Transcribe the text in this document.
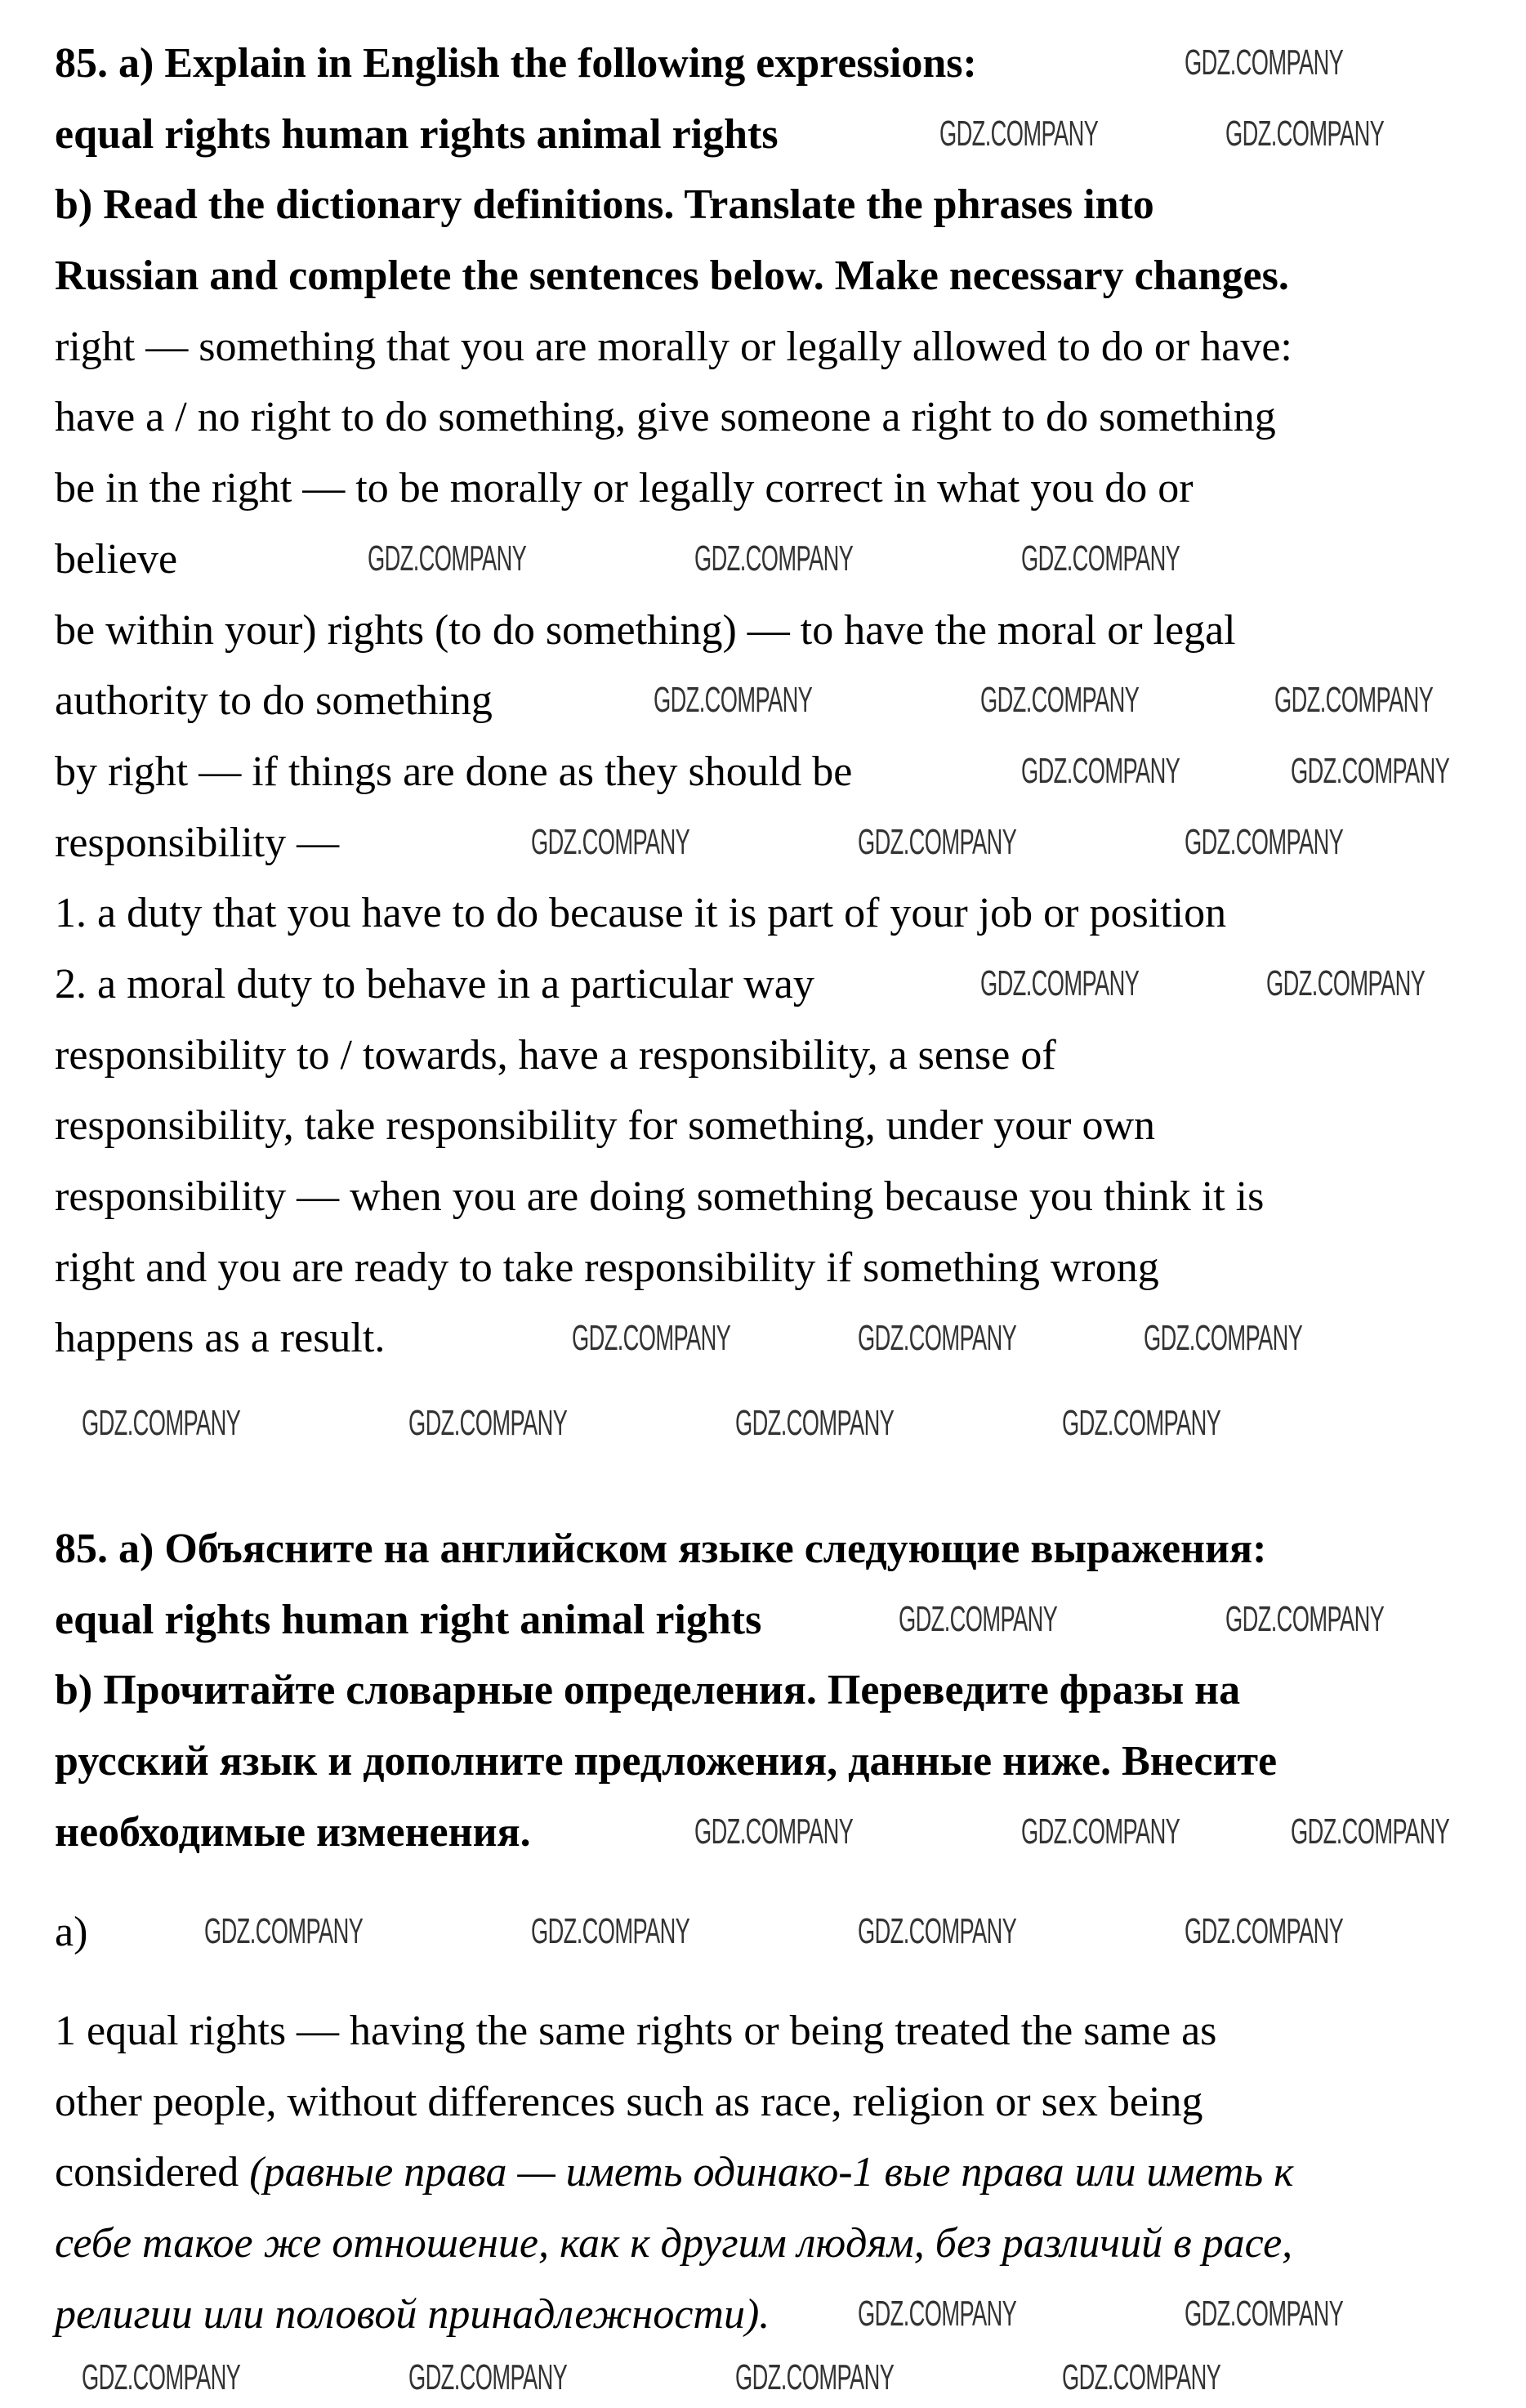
85. a) Explain in English the following expressions:
equal rights human rights animal rights
b) Read the dictionary definitions. Translate the phrases into
Russian and complete the sentences below. Make necessary changes.
right — something that you are morally or legally allowed to do or have:
have a / no right to do something, give someone a right to do something
be in the right — to be morally or legally correct in what you do or
believe
be within your) rights (to do something) — to have the moral or legal
authority to do something
by right — if things are done as they should be
responsibility —
1. a duty that you have to do because it is part of your job or position
2. a moral duty to behave in a particular way
responsibility to / towards, have a responsibility, a sense of
responsibility, take responsibility for something, under your own
responsibility — when you are doing something because you think it is
right and you are ready to take responsibility if something wrong
happens as a result.
85. a) Объясните на английском языке следующие выражения:
equal rights human right animal rights
b) Прочитайте словарные определения. Переведите фразы на
русский язык и дополните предложения, данные ниже. Внесите
необходимые изменения.
a)
1 equal rights — having the same rights or being treated the same as
other people, without differences such as race, religion or sex being
considered (равные права — иметь одинако-1 вые права или иметь к
себе такое же отношение, как к другим людям, без различий в расе,
религии или половой принадлежности).
GDZ.COMPANY
GDZ.COMPANY	GDZ.COMPANY
GDZ.COMPANY	GDZ.COMPANY	GDZ.COMPANY
GDZ.COMPANY	GDZ.COMPANY	GDZ.COMPANY
GDZ.COMPANY	GDZ.COMPANY
GDZ.COMPANY	GDZ.COMPANY	GDZ.COMPANY
GDZ.COMPANY	GDZ.COMPANY
GDZ.COMPANY	GDZ.COMPANY	GDZ.COMPANY
GDZ.COMPANY	GDZ.COMPANY	GDZ.COMPANY	GDZ.COMPANY
GDZ.COMPANY	GDZ.COMPANY
GDZ.COMPANY	GDZ.COMPANY	GDZ.COMPANY
GDZ.COMPANY	GDZ.COMPANY	GDZ.COMPANY	GDZ.COMPANY
GDZ.COMPANY	GDZ.COMPANY
GDZ.COMPANY	GDZ.COMPANY	GDZ.COMPANY	GDZ.COMPANY
